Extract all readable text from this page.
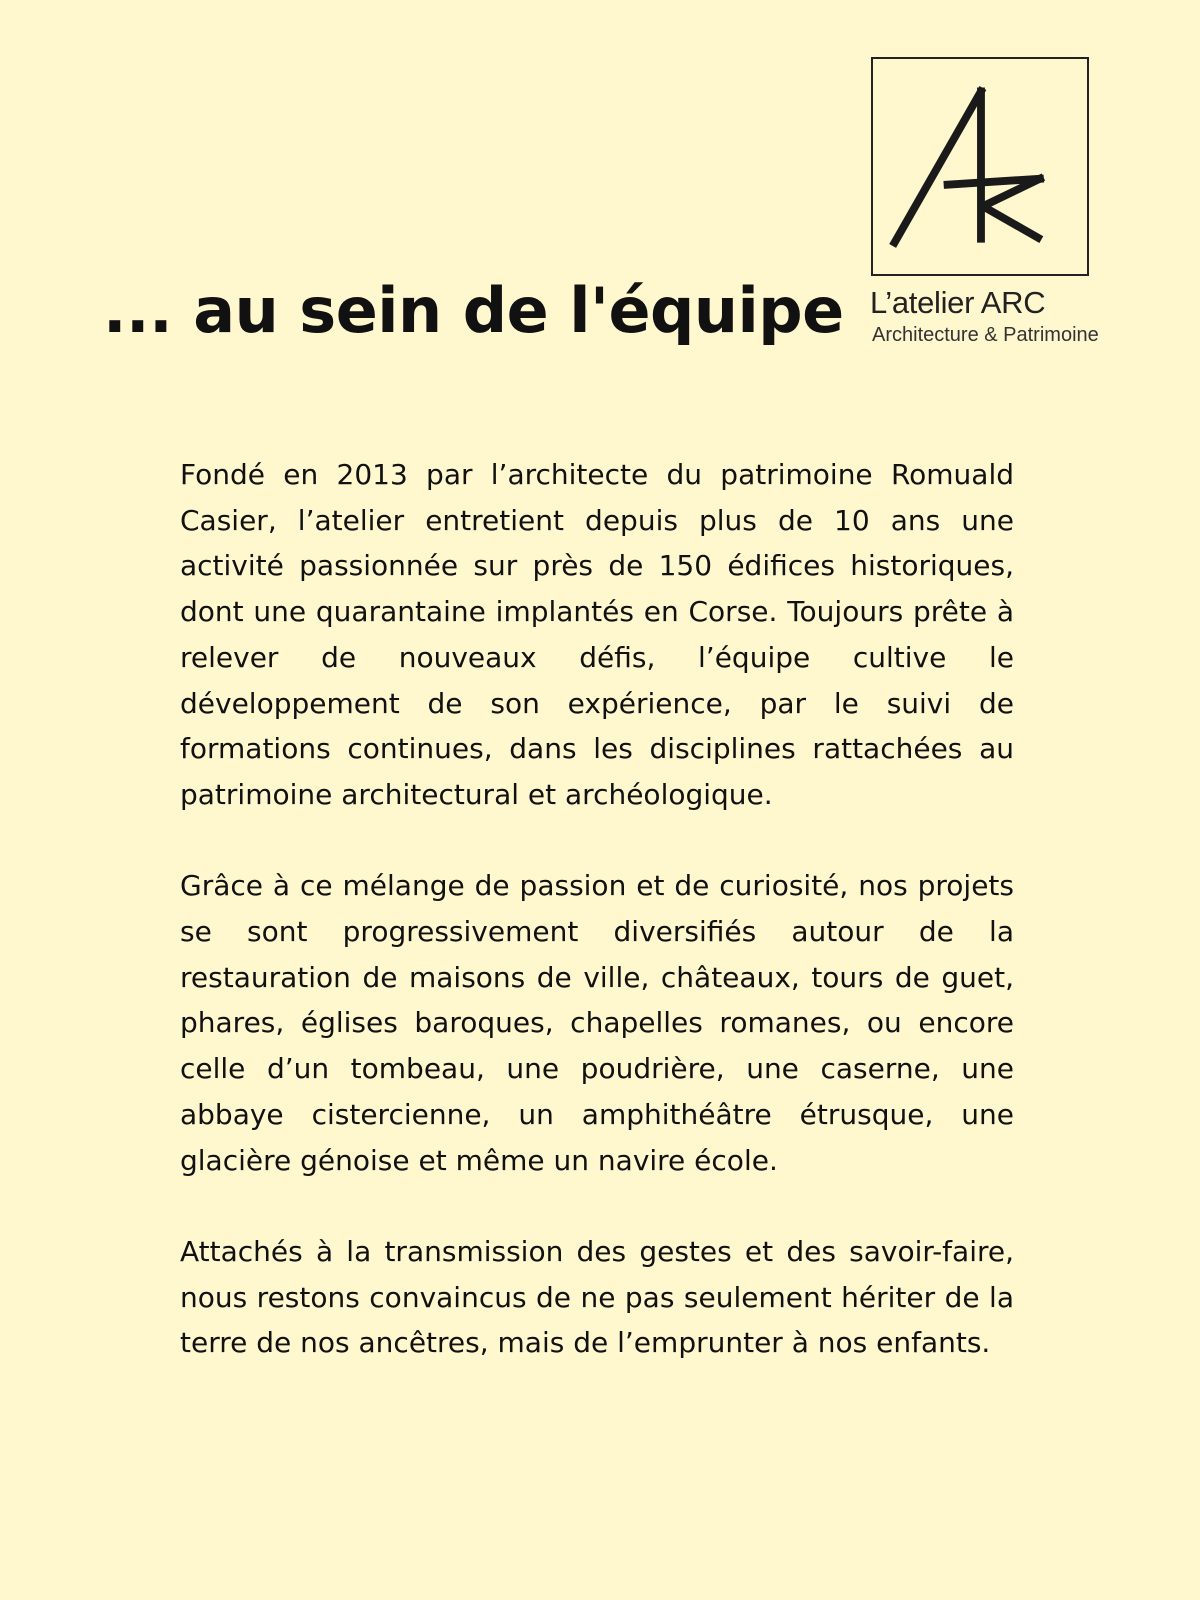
... au sein de l'équipe L’atelier ARC
Architecture & Patrimoine

Fondé en 2013 par l’architecte du patrimoine Romuald Casier, l’atelier entretient depuis plus de 10 ans une activité passionnée sur près de 150 édifices historiques, dont une quarantaine implantés en Corse. Toujours prête à relever de nouveaux défis, l’équipe cultive le développement de son expérience, par le suivi de formations continues, dans les disciplines rattachées au patrimoine architectural et archéologique.

Grâce à ce mélange de passion et de curiosité, nos projets se sont progressivement diversifiés autour de la restauration de maisons de ville, châteaux, tours de guet, phares, églises baroques, chapelles romanes, ou encore celle d’un tombeau, une poudrière, une caserne, une abbaye cistercienne, un amphithéâtre étrusque, une glacière génoise et même un navire école.

Attachés à la transmission des gestes et des savoir-faire, nous restons convaincus de ne pas seulement hériter de la terre de nos ancêtres, mais de l’emprunter à nos enfants.
